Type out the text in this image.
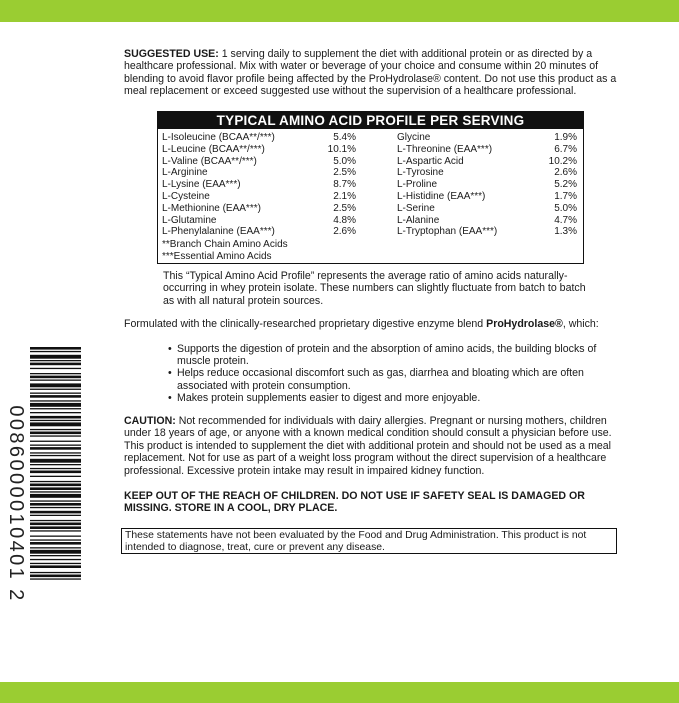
SUGGESTED USE: 1 serving daily to supplement the diet with additional protein or as directed by a healthcare professional. Mix with water or beverage of your choice and consume within 20 minutes of blending to avoid flavor profile being affected by the ProHydrolase® content. Do not use this product as a meal replacement or exceed suggested use without the supervision of a healthcare professional.

TYPICAL AMINO ACID PROFILE PER SERVING
L-Isoleucine (BCAA**/***)	5.4%
L-Leucine (BCAA**/***)	10.1%
L-Valine (BCAA**/***)	5.0%
L-Arginine	2.5%
L-Lysine (EAA***)	8.7%
L-Cysteine	2.1%
L-Methionine (EAA***)	2.5%
L-Glutamine	4.8%
L-Phenylalanine (EAA***)	2.6%
Glycine	1.9%
L-Threonine (EAA***)	6.7%
L-Aspartic Acid	10.2%
L-Tyrosine	2.6%
L-Proline	5.2%
L-Histidine (EAA***)	1.7%
L-Serine	5.0%
L-Alanine	4.7%
L-Tryptophan (EAA***)	1.3%
**Branch Chain Amino Acids
***Essential Amino Acids

This “Typical Amino Acid Profile” represents the average ratio of amino acids naturally-occurring in whey protein isolate. These numbers can slightly fluctuate from batch to batch as with all natural protein sources.

Formulated with the clinically-researched proprietary digestive enzyme blend ProHydrolase®, which:

• Supports the digestion of protein and the absorption of amino acids, the building blocks of muscle protein.
• Helps reduce occasional discomfort such as gas, diarrhea and bloating which are often associated with protein consumption.
• Makes protein supplements easier to digest and more enjoyable.

CAUTION: Not recommended for individuals with dairy allergies. Pregnant or nursing mothers, children under 18 years of age, or anyone with a known medical condition should consult a physician before use. This product is intended to supplement the diet with additional protein and should not be used as a meal replacement. Not for use as part of a weight loss program without the direct supervision of a healthcare professional. Excessive protein intake may result in impaired kidney function.

KEEP OUT OF THE REACH OF CHILDREN. DO NOT USE IF SAFETY SEAL IS DAMAGED OR MISSING. STORE IN A COOL, DRY PLACE.

These statements have not been evaluated by the Food and Drug Administration. This product is not intended to diagnose, treat, cure or prevent any disease.
0086000010401 2
